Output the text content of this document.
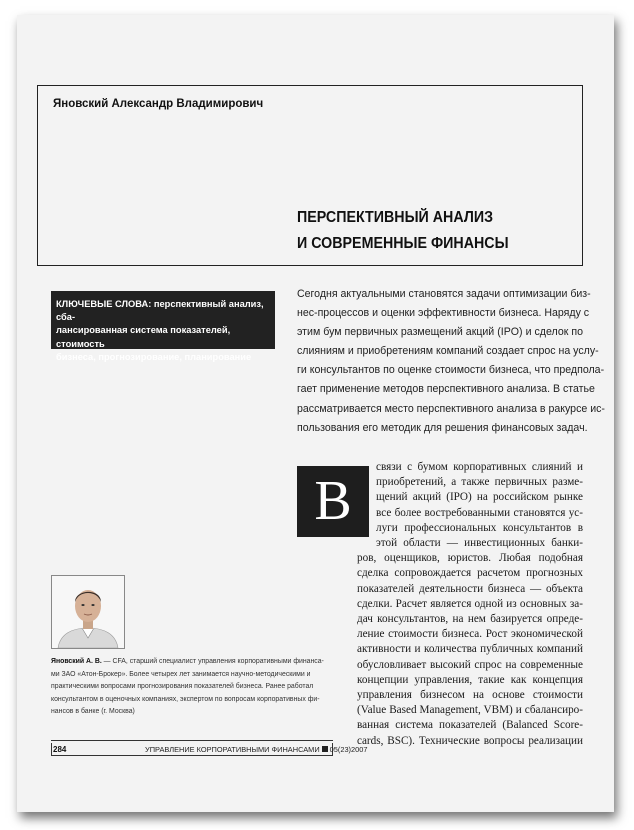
Яновский Александр Владимирович
ПЕРСПЕКТИВНЫЙ АНАЛИЗ
И СОВРЕМЕННЫЕ ФИНАНСЫ
КЛЮЧЕВЫЕ СЛОВА: перспективный анализ, сба-
лансированная система показателей, стоимость
бизнеса, прогнозирование, планирование
Сегодня актуальными становятся задачи оптимизации биз-
нес-процессов и оценки эффективности бизнеса. Наряду с
этим бум первичных размещений акций (IPO) и сделок по
слияниям и приобретениям компаний создает спрос на услу-
ги консультантов по оценке стоимости бизнеса, что предпола-
гает применение методов перспективного анализа. В статье
рассматривается место перспективного анализа в ракурсе ис-
пользования его методик для решения финансовых задач.
Яновский А. В. — CFA, старший специалист управления корпоративными финанса-
ми ЗАО «Атон-Брокер». Более четырех лет занимается научно-методическими и
практическими вопросами прогнозирования показателей бизнеса. Ранее работал
консультантом в оценочных компаниях, экспертом по вопросам корпоративных фи-
нансов в банке (г. Москва)
В
связи с бумом корпоративных слияний и
приобретений, а также первичных разме-
щений акций (IPO) на российском рынке
все более востребованными становятся ус-
луги профессиональных консультантов в
этой области — инвестиционных банки-
ров, оценщиков, юристов. Любая подобная
сделка сопровождается расчетом прогнозных
показателей деятельности бизнеса — объекта
сделки. Расчет является одной из основных за-
дач консультантов, на нем базируется опреде-
ление стоимости бизнеса. Рост экономической
активности и количества публичных компаний
обусловливает высокий спрос на современные
концепции управления, такие как концепция
управления бизнесом на основе стоимости
(Value Based Management, VBM) и сбалансиро-
ванная система показателей (Balanced Score-
cards, BSC). Технические вопросы реализации
284	УПРАВЛЕНИЕ КОРПОРАТИВНЫМИ ФИНАНСАМИ 05(23)2007
